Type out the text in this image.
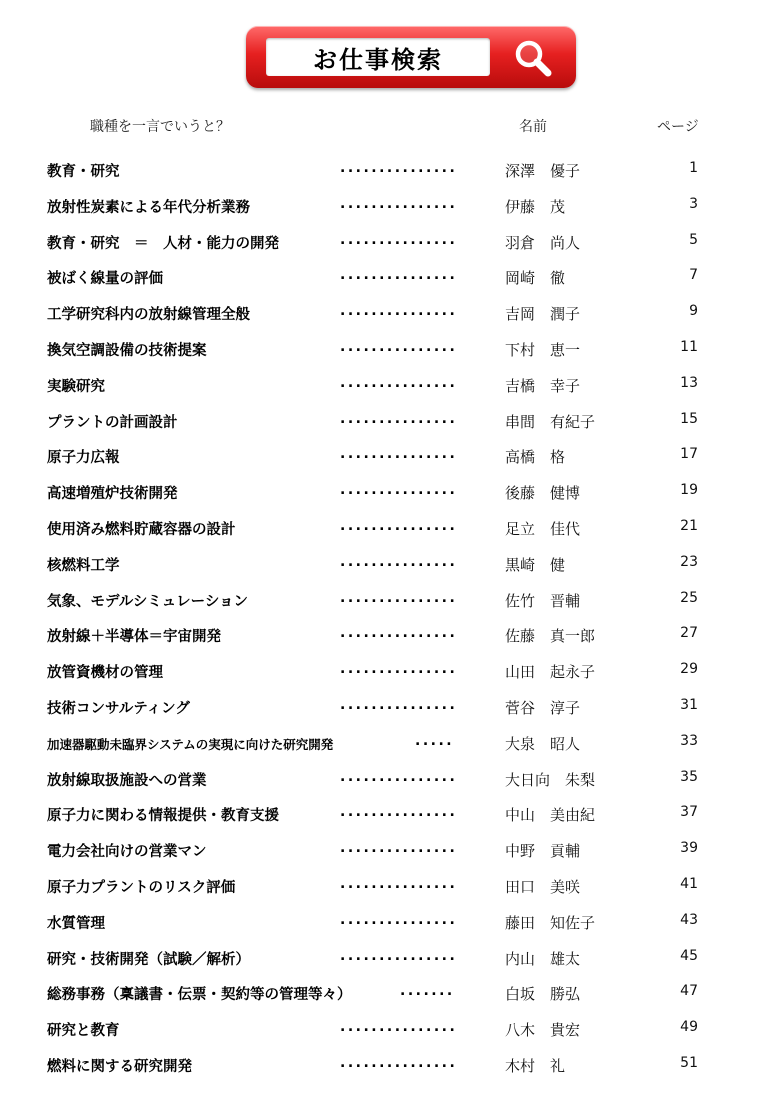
お仕事検索
職種を一言でいうと？	名前	ページ
教育・研究	...............	深澤　優子	1
放射性炭素による年代分析業務	...............	伊藤　茂	3
教育・研究　＝　人材・能力の開発	...............	羽倉　尚人	5
被ばく線量の評価	...............	岡崎　徹	7
工学研究科内の放射線管理全般	...............	吉岡　潤子	9
換気空調設備の技術提案	...............	下村　恵一	11
実験研究	...............	吉橋　幸子	13
プラントの計画設計	...............	串間　有紀子	15
原子力広報	...............	高橋　格	17
高速増殖炉技術開発	...............	後藤　健博	19
使用済み燃料貯蔵容器の設計	...............	足立　佳代	21
核燃料工学	...............	黒崎　健	23
気象、モデルシミュレーション	...............	佐竹　晋輔	25
放射線＋半導体＝宇宙開発	...............	佐藤　真一郎	27
放管資機材の管理	...............	山田　起永子	29
技術コンサルティング	...............	菅谷　淳子	31
加速器駆動未臨界システムの実現に向けた研究開発	.....	大泉　昭人	33
放射線取扱施設への営業	...............	大日向　朱梨	35
原子力に関わる情報提供・教育支援	...............	中山　美由紀	37
電力会社向けの営業マン	...............	中野　貢輔	39
原子力プラントのリスク評価	...............	田口　美咲	41
水質管理	...............	藤田　知佐子	43
研究・技術開発（試験／解析）	...............	内山　雄太	45
総務事務（稟議書・伝票・契約等の管理等々）	.......	白坂　勝弘	47
研究と教育	...............	八木　貴宏	49
燃料に関する研究開発	...............	木村　礼	51
